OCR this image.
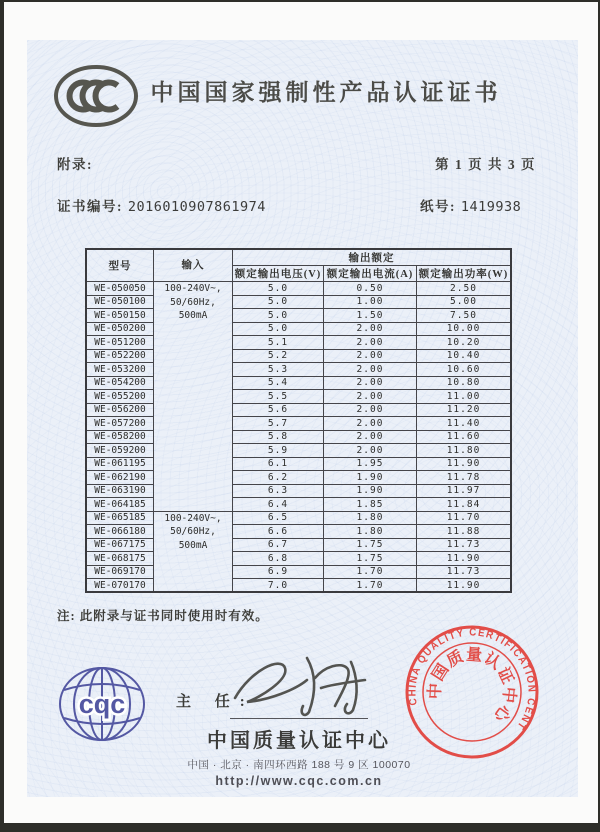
中国国家强制性产品认证证书
附录:	第 1 页 共 3 页
证书编号: 2016010907861974	纸号: 1419938
型号	输入	输出额定		
		额定输出电压(V)	额定输出电流(A)	额定输出功率(W)
WE-050050	100-240V~,
50/60Hz,
500mA	5.0	0.50	2.50
WE-050100		5.0	1.00	5.00
WE-050150		5.0	1.50	7.50
WE-050200		5.0	2.00	10.00
WE-051200		5.1	2.00	10.20
WE-052200		5.2	2.00	10.40
WE-053200		5.3	2.00	10.60
WE-054200		5.4	2.00	10.80
WE-055200		5.5	2.00	11.00
WE-056200		5.6	2.00	11.20
WE-057200		5.7	2.00	11.40
WE-058200		5.8	2.00	11.60
WE-059200		5.9	2.00	11.80
WE-061195		6.1	1.95	11.90
WE-062190		6.2	1.90	11.78
WE-063190		6.3	1.90	11.97
WE-064185		6.4	1.85	11.84
WE-065185	100-240V~,
50/60Hz,
500mA	6.5	1.80	11.70
WE-066180		6.6	1.80	11.88
WE-067175		6.7	1.75	11.73
WE-068175		6.8	1.75	11.90
WE-069170		6.9	1.70	11.73
WE-070170		7.0	1.70	11.90
注: 此附录与证书同时使用时有效。
cqc	主 任:
中国质量认证中心
中国 · 北京 · 南四环西路 188 号 9 区 100070
http://www.cqc.com.cn
CHINA QUALITY CERTIFICATION CENTRE
中国质量认证中心
